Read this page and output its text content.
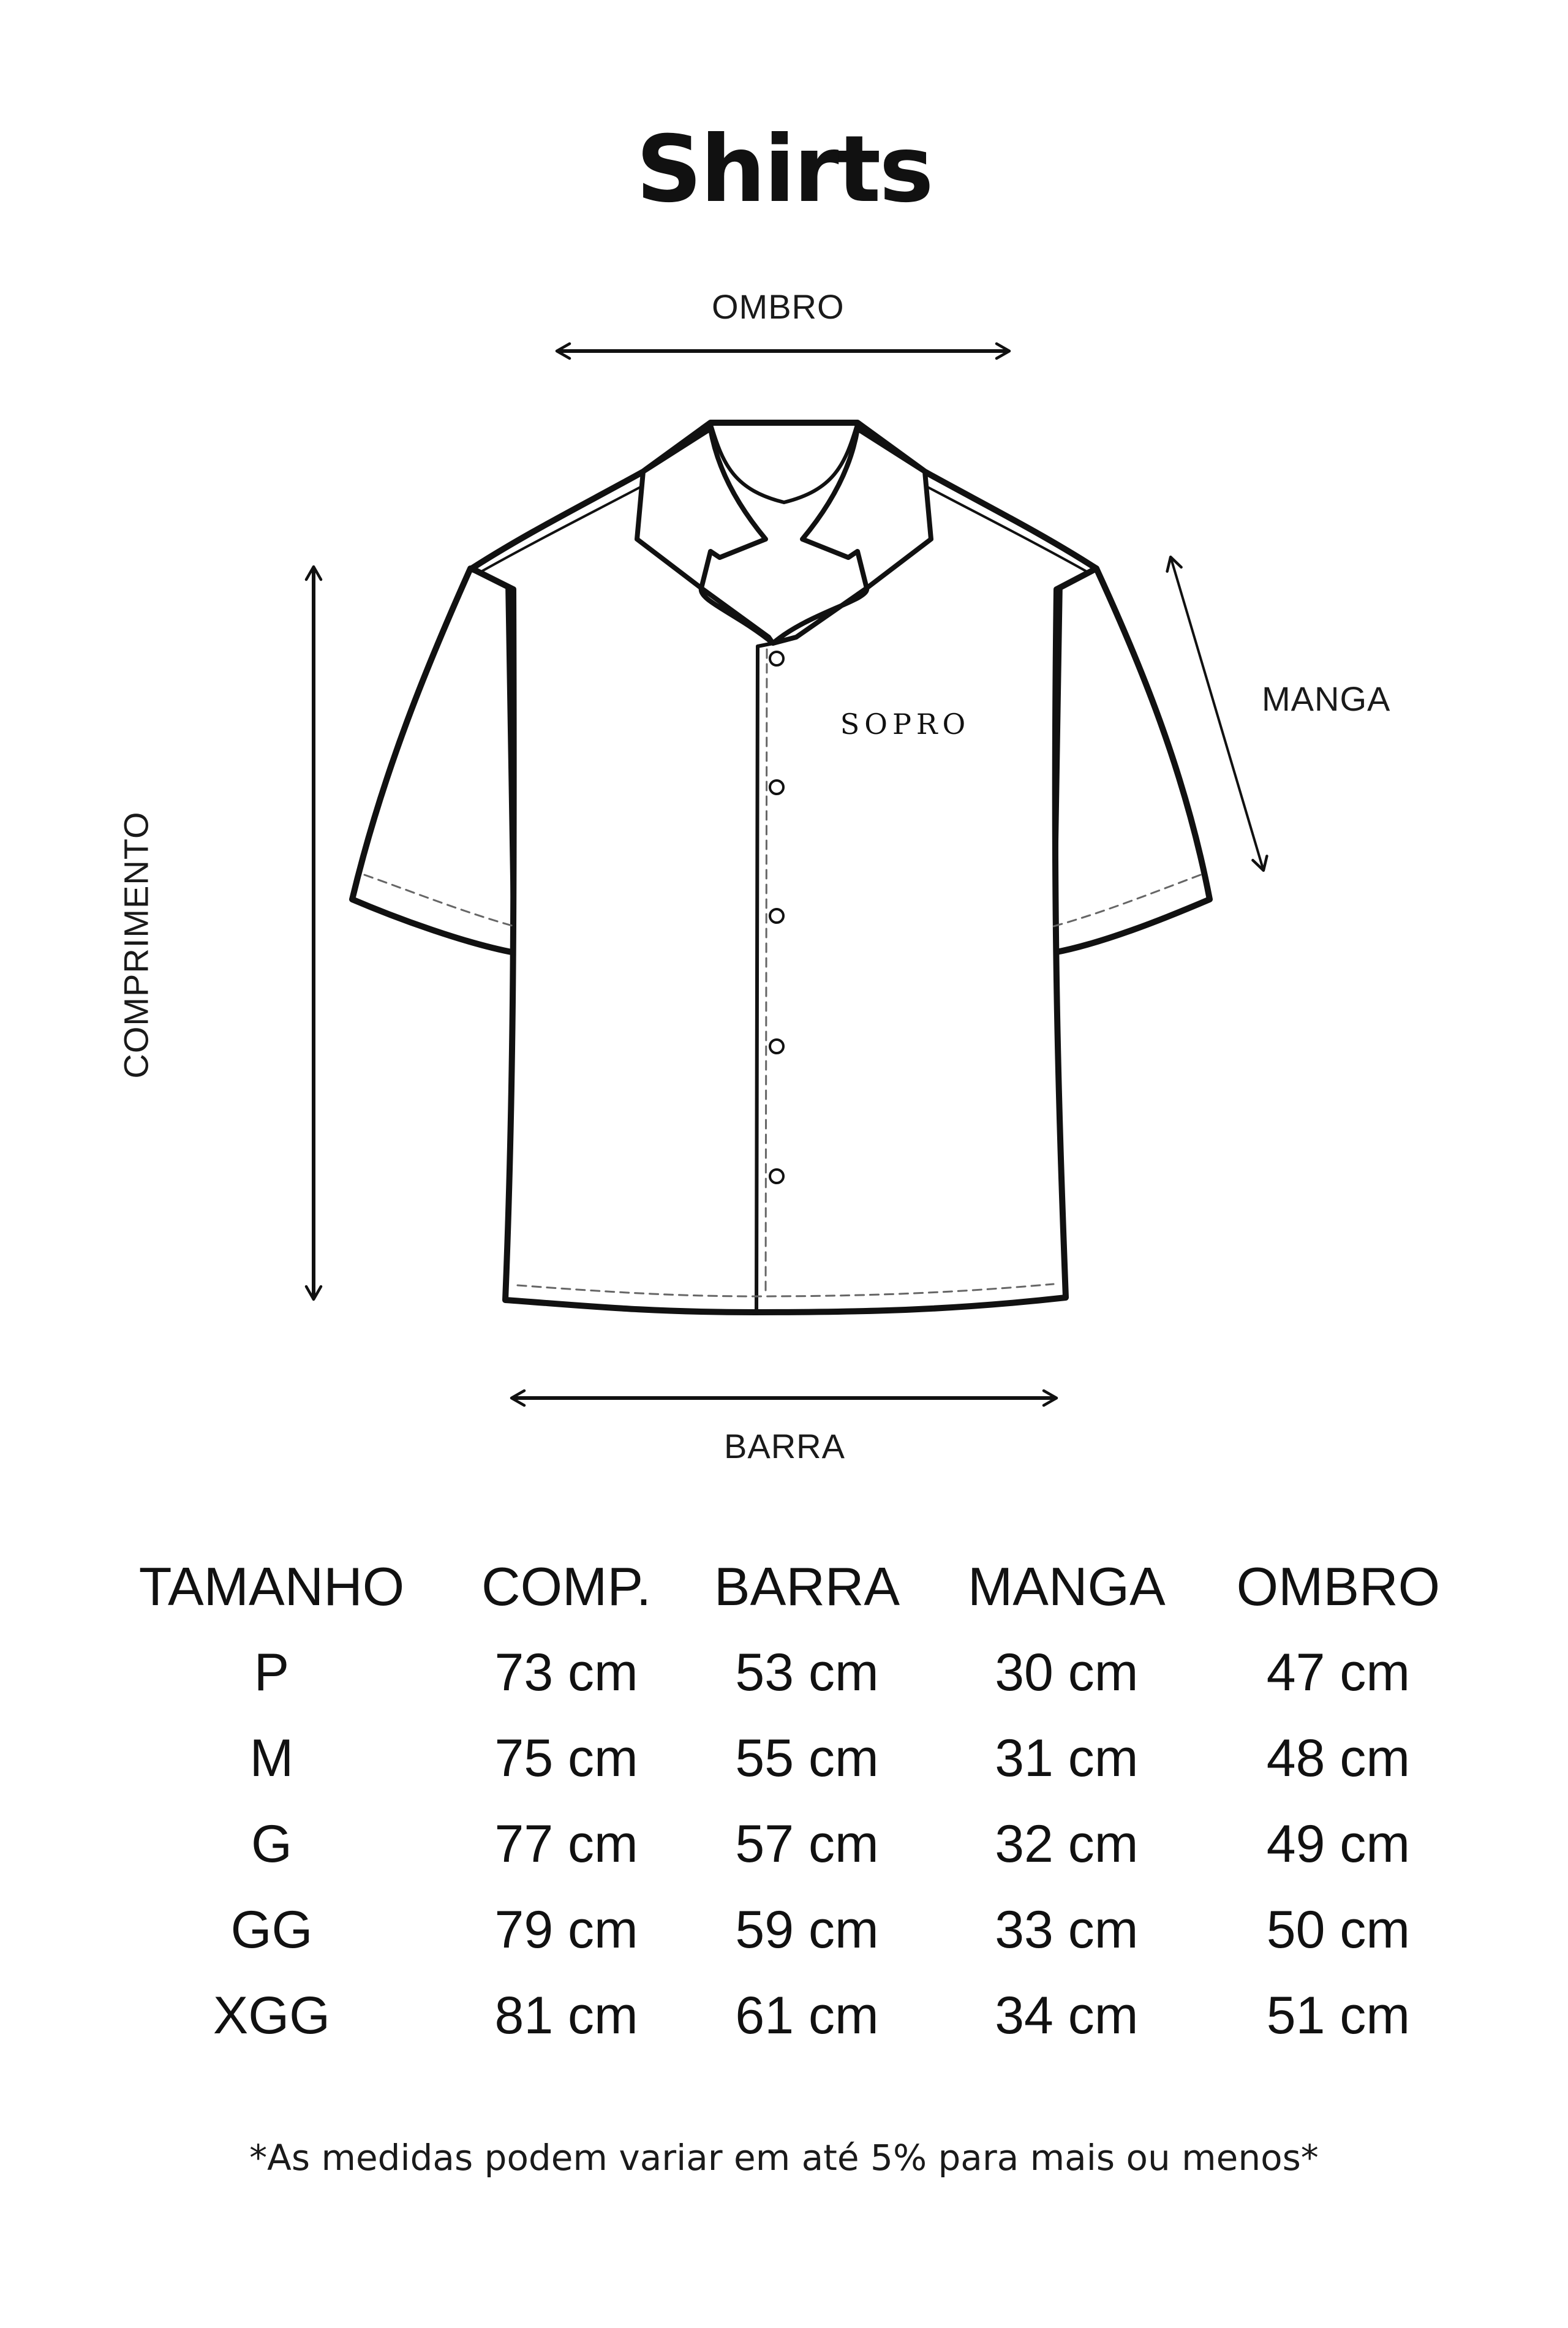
Shirts
OMBRO
MANGA
BARRA
COMPRIMENTO
SOPRO
TAMANHO	COMP.	BARRA	MANGA	OMBRO
P	73 cm	53 cm	30 cm	47 cm
M	75 cm	55 cm	31 cm	48 cm
G	77 cm	57 cm	32 cm	49 cm
GG	79 cm	59 cm	33 cm	50 cm
XGG	81 cm	61 cm	34 cm	51 cm
*As medidas podem variar em até 5% para mais ou menos*
